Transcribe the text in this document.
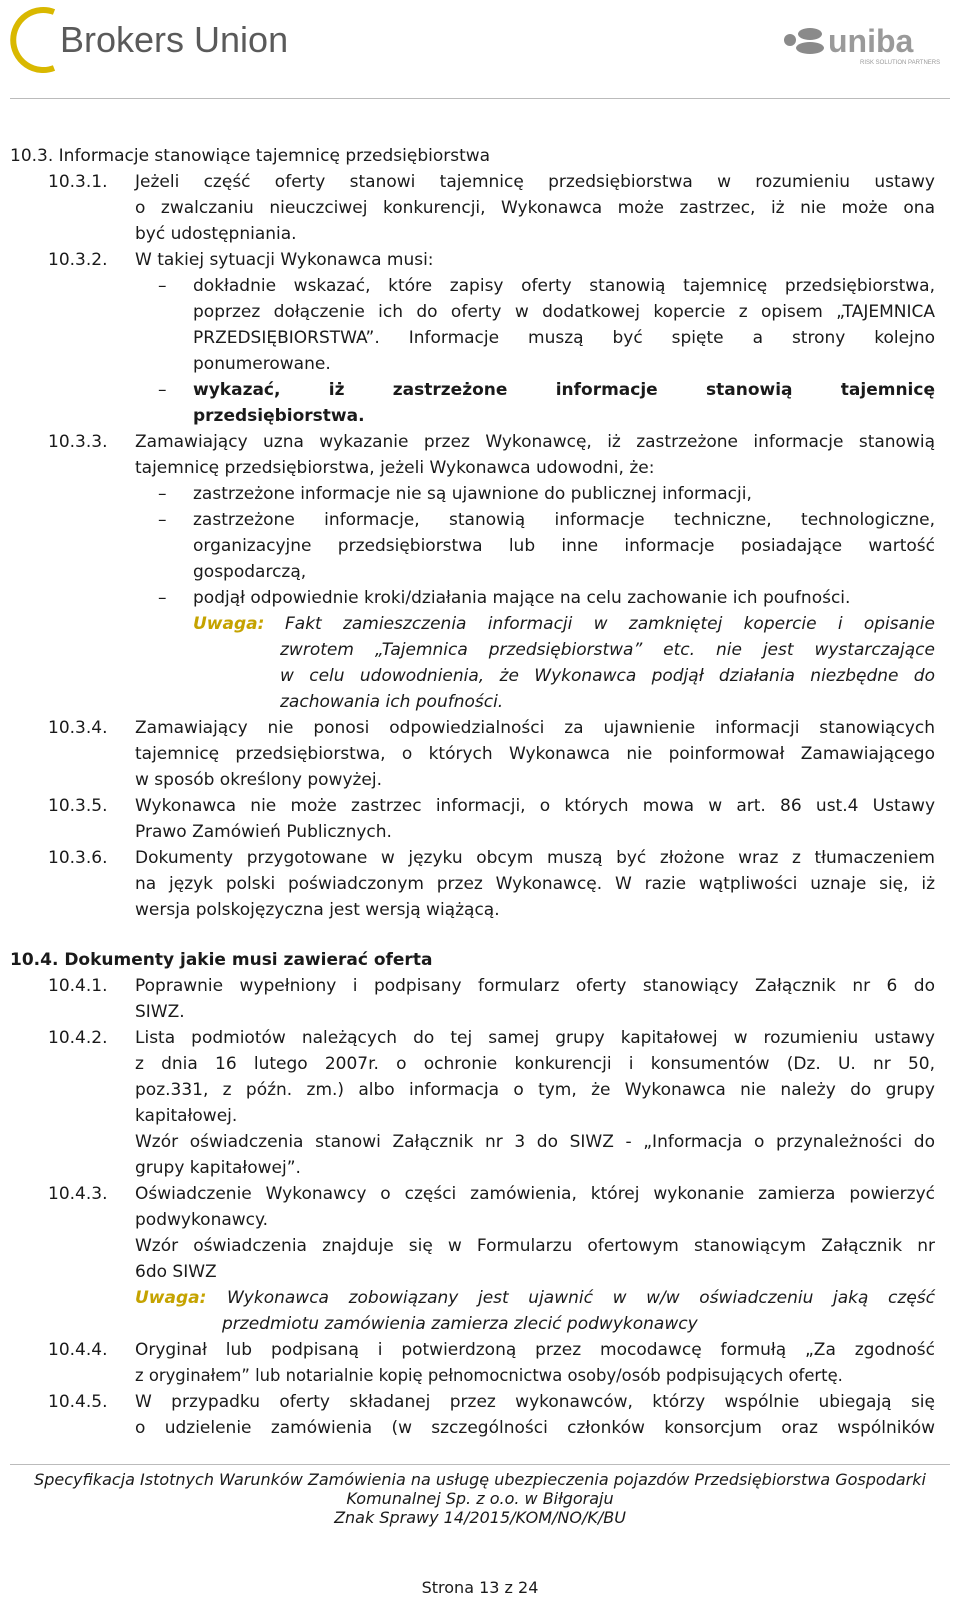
Brokers Union	uniba
RISK SOLUTION PARTNERS
10.3. Informacje stanowiące tajemnicę przedsiębiorstwa
10.3.1. Jeżeli część oferty stanowi tajemnicę przedsiębiorstwa w rozumieniu ustawy
o zwalczaniu nieuczciwej konkurencji, Wykonawca może zastrzec, iż nie może ona
być udostępniania.
10.3.2. W takiej sytuacji Wykonawca musi:
– dokładnie wskazać, które zapisy oferty stanowią tajemnicę przedsiębiorstwa,
poprzez dołączenie ich do oferty w dodatkowej kopercie z opisem „TAJEMNICA
PRZEDSIĘBIORSTWA”. Informacje muszą być spięte a strony kolejno
ponumerowane.
– wykazać, iż zastrzeżone informacje stanowią tajemnicę
przedsiębiorstwa.
10.3.3. Zamawiający uzna wykazanie przez Wykonawcę, iż zastrzeżone informacje stanowią
tajemnicę przedsiębiorstwa, jeżeli Wykonawca udowodni, że:
– zastrzeżone informacje nie są ujawnione do publicznej informacji,
– zastrzeżone informacje, stanowią informacje techniczne, technologiczne,
organizacyjne przedsiębiorstwa lub inne informacje posiadające wartość
gospodarczą,
– podjął odpowiednie kroki/działania mające na celu zachowanie ich poufności.
Uwaga: Fakt zamieszczenia informacji w zamkniętej kopercie i opisanie
zwrotem „Tajemnica przedsiębiorstwa” etc. nie jest wystarczające
w celu udowodnienia, że Wykonawca podjął działania niezbędne do
zachowania ich poufności.
10.3.4. Zamawiający nie ponosi odpowiedzialności za ujawnienie informacji stanowiących
tajemnicę przedsiębiorstwa, o których Wykonawca nie poinformował Zamawiającego
w sposób określony powyżej.
10.3.5. Wykonawca nie może zastrzec informacji, o których mowa w art. 86 ust.4 Ustawy
Prawo Zamówień Publicznych.
10.3.6. Dokumenty przygotowane w języku obcym muszą być złożone wraz z tłumaczeniem
na język polski poświadczonym przez Wykonawcę. W razie wątpliwości uznaje się, iż
wersja polskojęzyczna jest wersją wiążącą.
10.4. Dokumenty jakie musi zawierać oferta
10.4.1. Poprawnie wypełniony i podpisany formularz oferty stanowiący Załącznik nr 6 do
SIWZ.
10.4.2. Lista podmiotów należących do tej samej grupy kapitałowej w rozumieniu ustawy
z dnia 16 lutego 2007r. o ochronie konkurencji i konsumentów (Dz. U. nr 50,
poz.331, z późn. zm.) albo informacja o tym, że Wykonawca nie należy do grupy
kapitałowej.
Wzór oświadczenia stanowi Załącznik nr 3 do SIWZ - „Informacja o przynależności do
grupy kapitałowej”.
10.4.3. Oświadczenie Wykonawcy o części zamówienia, której wykonanie zamierza powierzyć
podwykonawcy.
Wzór oświadczenia znajduje się w Formularzu ofertowym stanowiącym Załącznik nr
6do SIWZ
Uwaga: Wykonawca zobowiązany jest ujawnić w w/w oświadczeniu jaką część
przedmiotu zamówienia zamierza zlecić podwykonawcy
10.4.4. Oryginał lub podpisaną i potwierdzoną przez mocodawcę formułą „Za zgodność
z oryginałem” lub notarialnie kopię pełnomocnictwa osoby/osób podpisujących ofertę.
10.4.5. W przypadku oferty składanej przez wykonawców, którzy wspólnie ubiegają się
o udzielenie zamówienia (w szczególności członków konsorcjum oraz wspólników
Specyfikacja Istotnych Warunków Zamówienia na usługę ubezpieczenia pojazdów Przedsiębiorstwa Gospodarki
Komunalnej Sp. z o.o. w Biłgoraju
Znak Sprawy 14/2015/KOM/NO/K/BU
Strona 13 z 24
